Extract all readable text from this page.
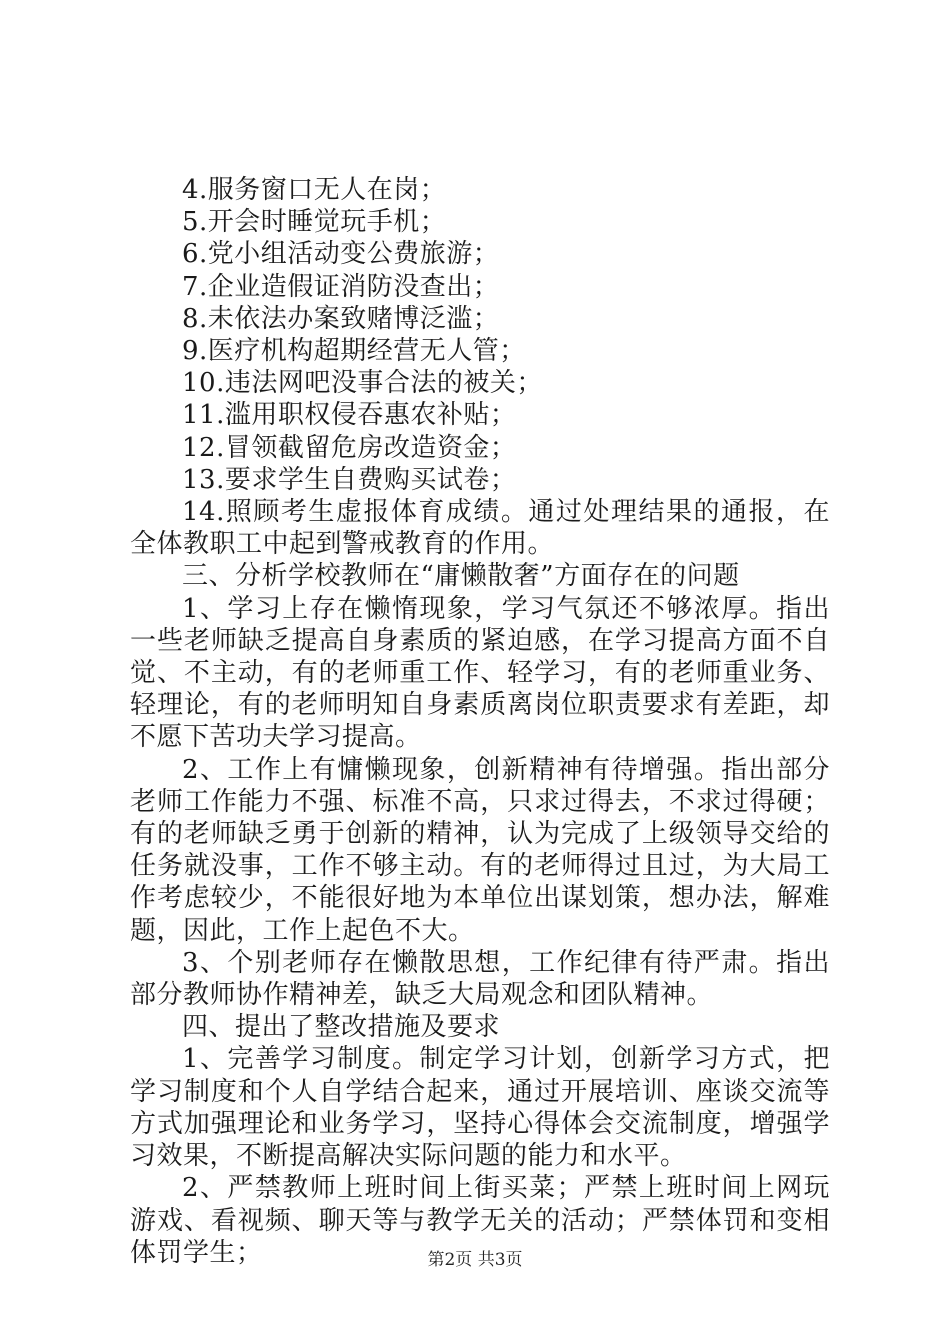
4.服务窗口无人在岗；

5.开会时睡觉玩手机；

6.党小组活动变公费旅游；

7.企业造假证消防没查出；

8.未依法办案致赌博泛滥；

9.医疗机构超期经营无人管；

10.违法网吧没事合法的被关；

11.滥用职权侵吞惠农补贴；

12.冒领截留危房改造资金；

13.要求学生自费购买试卷；

14.照顾考生虚报体育成绩。通过处理结果的通报，在全体教职工中起到警戒教育的作用。

三、分析学校教师在“庸懒散奢”方面存在的问题

1、学习上存在懒惰现象，学习气氛还不够浓厚。指出一些老师缺乏提高自身素质的紧迫感，在学习提高方面不自觉、不主动，有的老师重工作、轻学习，有的老师重业务、轻理论，有的老师明知自身素质离岗位职责要求有差距，却不愿下苦功夫学习提高。

2、工作上有慵懒现象，创新精神有待增强。指出部分老师工作能力不强、标准不高，只求过得去，不求过得硬；有的老师缺乏勇于创新的精神，认为完成了上级领导交给的任务就没事，工作不够主动。有的老师得过且过，为大局工作考虑较少，不能很好地为本单位出谋划策，想办法，解难题，因此，工作上起色不大。

3、个别老师存在懒散思想，工作纪律有待严肃。指出部分教师协作精神差，缺乏大局观念和团队精神。

四、提出了整改措施及要求

1、完善学习制度。制定学习计划，创新学习方式，把学习制度和个人自学结合起来，通过开展培训、座谈交流等方式加强理论和业务学习，坚持心得体会交流制度，增强学习效果，不断提高解决实际问题的能力和水平。

2、严禁教师上班时间上街买菜；严禁上班时间上网玩游戏、看视频、聊天等与教学无关的活动；严禁体罚和变相体罚学生；	第2页 共3页
